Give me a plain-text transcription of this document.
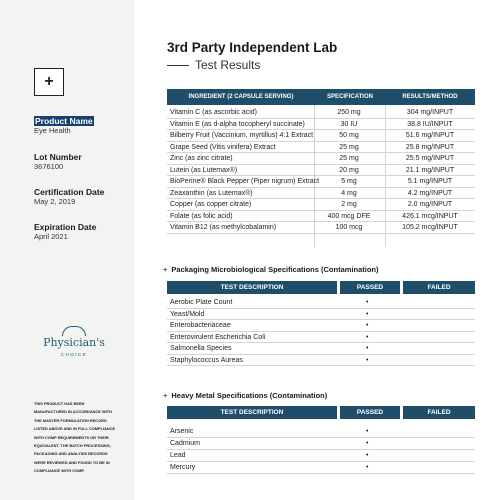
+
Product Name
Eye Health
Lot Number
3676100
Certification Date
May 2, 2019
Expiration Date
April 2021
Physician's
CHOICE
THIS PRODUCT HAS BEEN
MANUFACTURED IN ACCORDANCE WITH
THE MASTER FORMULATION RECORD
LISTED ABOVE AND IN FULL COMPLIANCE
WITH CGMP REQUIREMENTS OR THEIR
EQUIVALENT. THE BATCH PROCESSING,
PACKAGING AND ANALYSIS RECORDS
WERE REVIEWED AND FOUND TO BE IN
COMPLIANCE WITH CGMP.
3rd Party Independent Lab
Test Results
INGREDIENT (2 CAPSULE SERVING)	SPECIFICATION	RESULTS/METHOD
Vitamin C (as ascorbic acid)	250 mg	304 mg/INPUT
Vitamin E (as d-alpha tocopheryl succinate)	30 IU	38.8 IU/INPUT
Bilberry Fruit (Vaccinium, myrtillus) 4:1 Extract	50 mg	51.6 mg/INPUT
Grape Seed (Vitis vinifera) Extract	25 mg	25.8 mg/INPUT
Zinc (as zinc citrate)	25 mg	25.5 mg/INPUT
Lutein (as Lutemax®)	20 mg	21.1 mg/INPUT
BioPerine® Black Pepper (Piper nigrum) Extract	5 mg	5.1 mg/INPUT
Zeaxanthin (as Lutemax®)	4 mg	4.2 mg/INPUT
Copper (as copper citrate)	2 mg	2.0 mg/INPUT
Folate (as folic acid)	400 mcg DFE	426.1 mcg/INPUT
Vitamin B12 (as methylcobalamin)	100 mcg	105.2 mcg/INPUT
+ Packaging Microbiological Specifications (Contamination)
TEST DESCRIPTION	PASSED	FAILED
Aerobic Plate Count	•
Yeast/Mold	•
Enterobacteriaceae	•
Enterovirulent Escherichia Coli	•
Salmonella Species	•
Staphylococcus Aureas	•
+ Heavy Metal Specifications (Contamination)
TEST DESCRIPTION	PASSED	FAILED
Arsenic	•
Cadmium	•
Lead	•
Mercury	•
